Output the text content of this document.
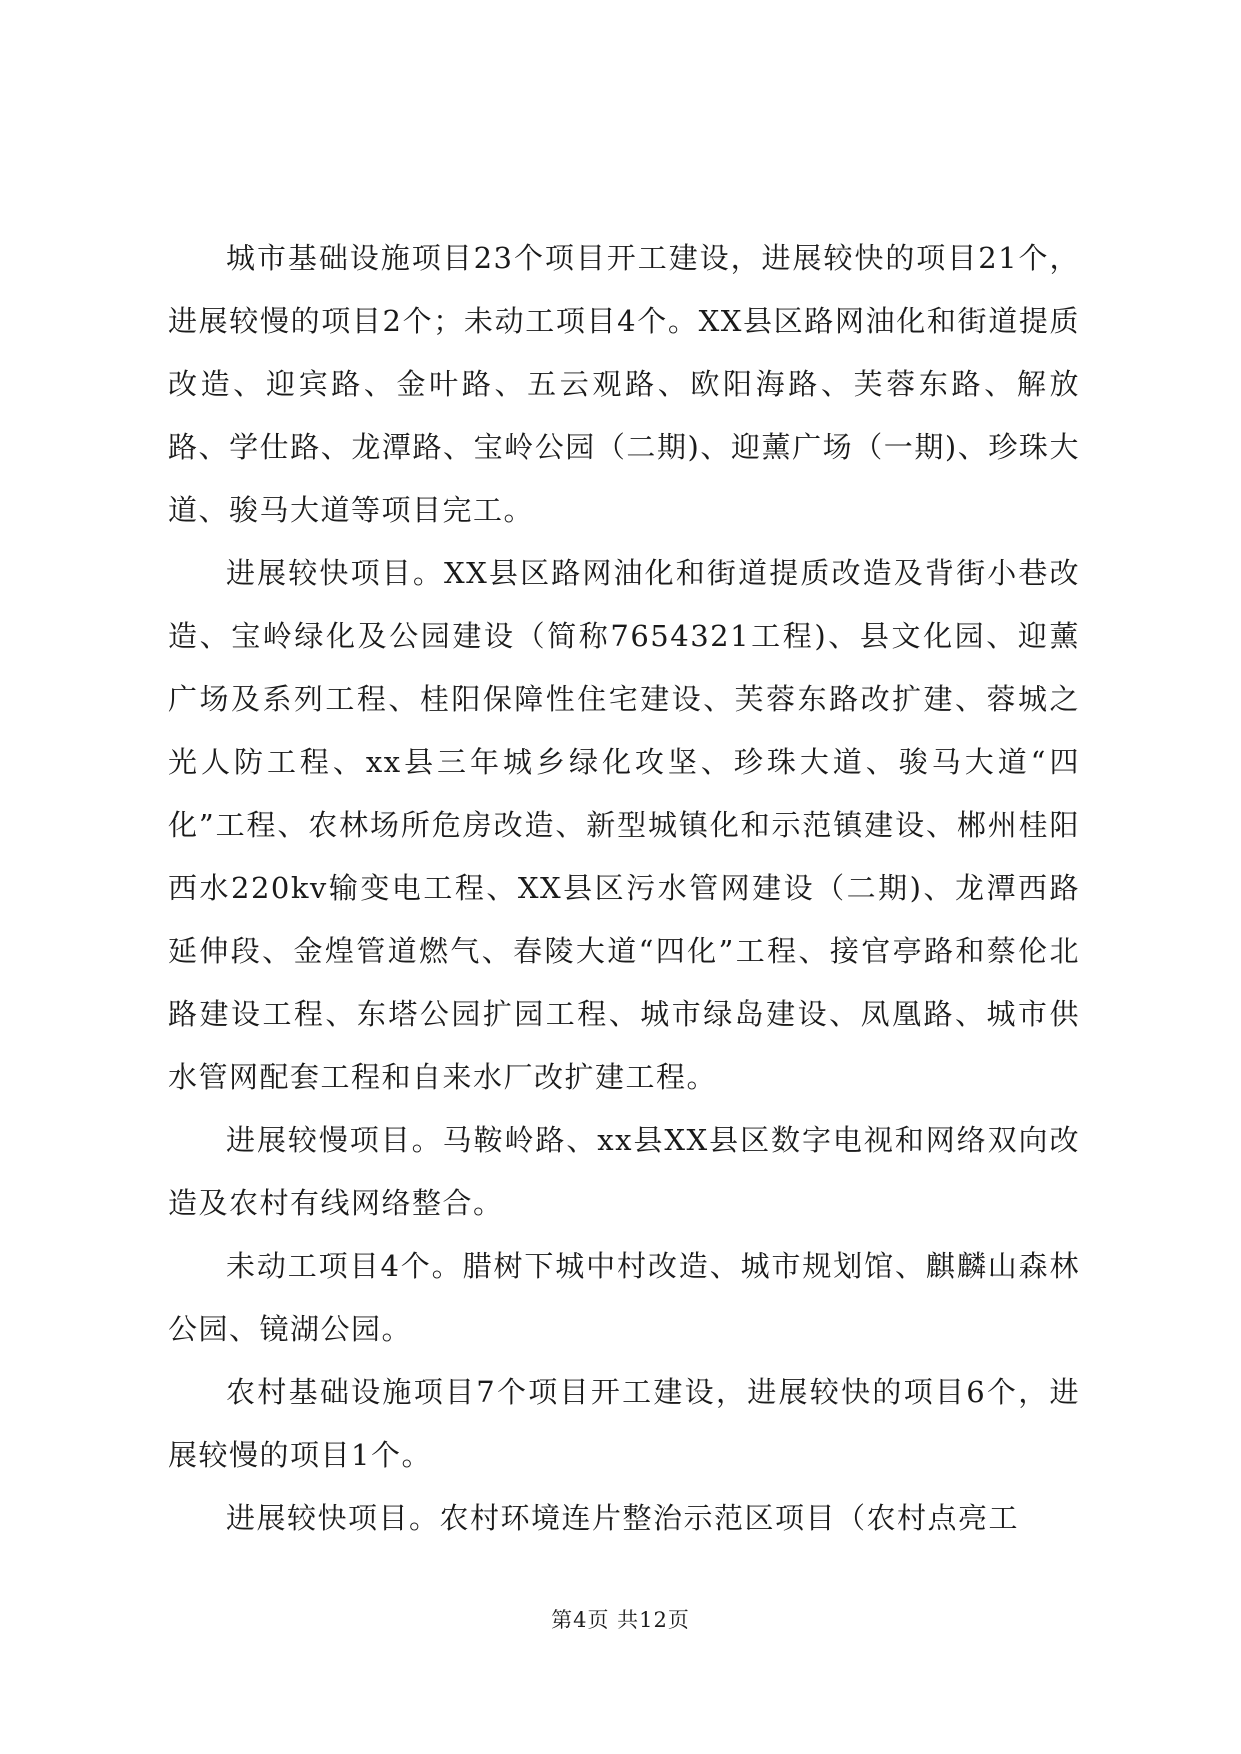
城市基础设施项目23个项目开工建设，进展较快的项目21个，进展较慢的项目2个；未动工项目4个。XX县区路网油化和街道提质改造、迎宾路、金叶路、五云观路、欧阳海路、芙蓉东路、解放路、学仕路、龙潭路、宝岭公园（二期)、迎薰广场（一期)、珍珠大道、骏马大道等项目完工。

进展较快项目。XX县区路网油化和街道提质改造及背街小巷改造、宝岭绿化及公园建设（简称7654321工程)、县文化园、迎薰广场及系列工程、桂阳保障性住宅建设、芙蓉东路改扩建、蓉城之光人防工程、xx县三年城乡绿化攻坚、珍珠大道、骏马大道“四化”工程、农林场所危房改造、新型城镇化和示范镇建设、郴州桂阳西水220kv输变电工程、XX县区污水管网建设（二期)、龙潭西路延伸段、金煌管道燃气、春陵大道“四化”工程、接官亭路和蔡伦北路建设工程、东塔公园扩园工程、城市绿岛建设、凤凰路、城市供水管网配套工程和自来水厂改扩建工程。

进展较慢项目。马鞍岭路、xx县XX县区数字电视和网络双向改造及农村有线网络整合。

未动工项目4个。腊树下城中村改造、城市规划馆、麒麟山森林公园、镜湖公园。

农村基础设施项目7个项目开工建设，进展较快的项目6个，进展较慢的项目1个。

进展较快项目。农村环境连片整治示范区项目（农村点亮工

第4页 共12页
